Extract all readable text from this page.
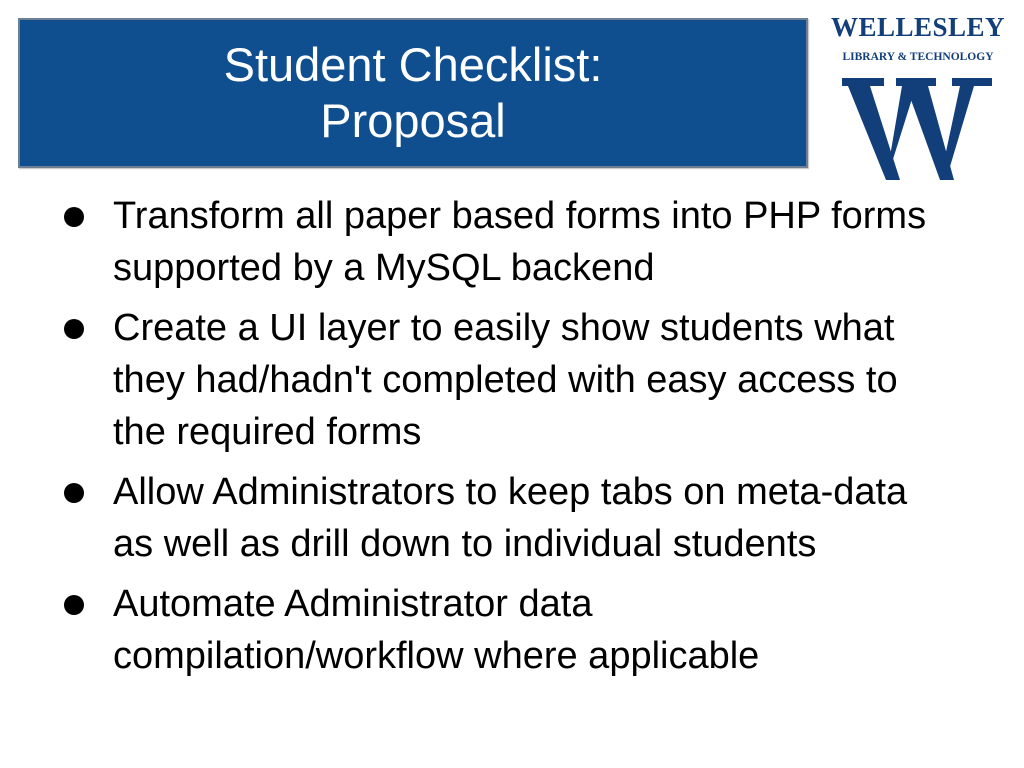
Student Checklist:
Proposal
WELLESLEY
LIBRARY & TECHNOLOGY
Transform all paper based forms into PHP forms supported by a MySQL backend
Create a UI layer to easily show students what they had/hadn't completed with easy access to the required forms
Allow Administrators to keep tabs on meta-data as well as drill down to individual students
Automate Administrator data compilation/workflow where applicable
